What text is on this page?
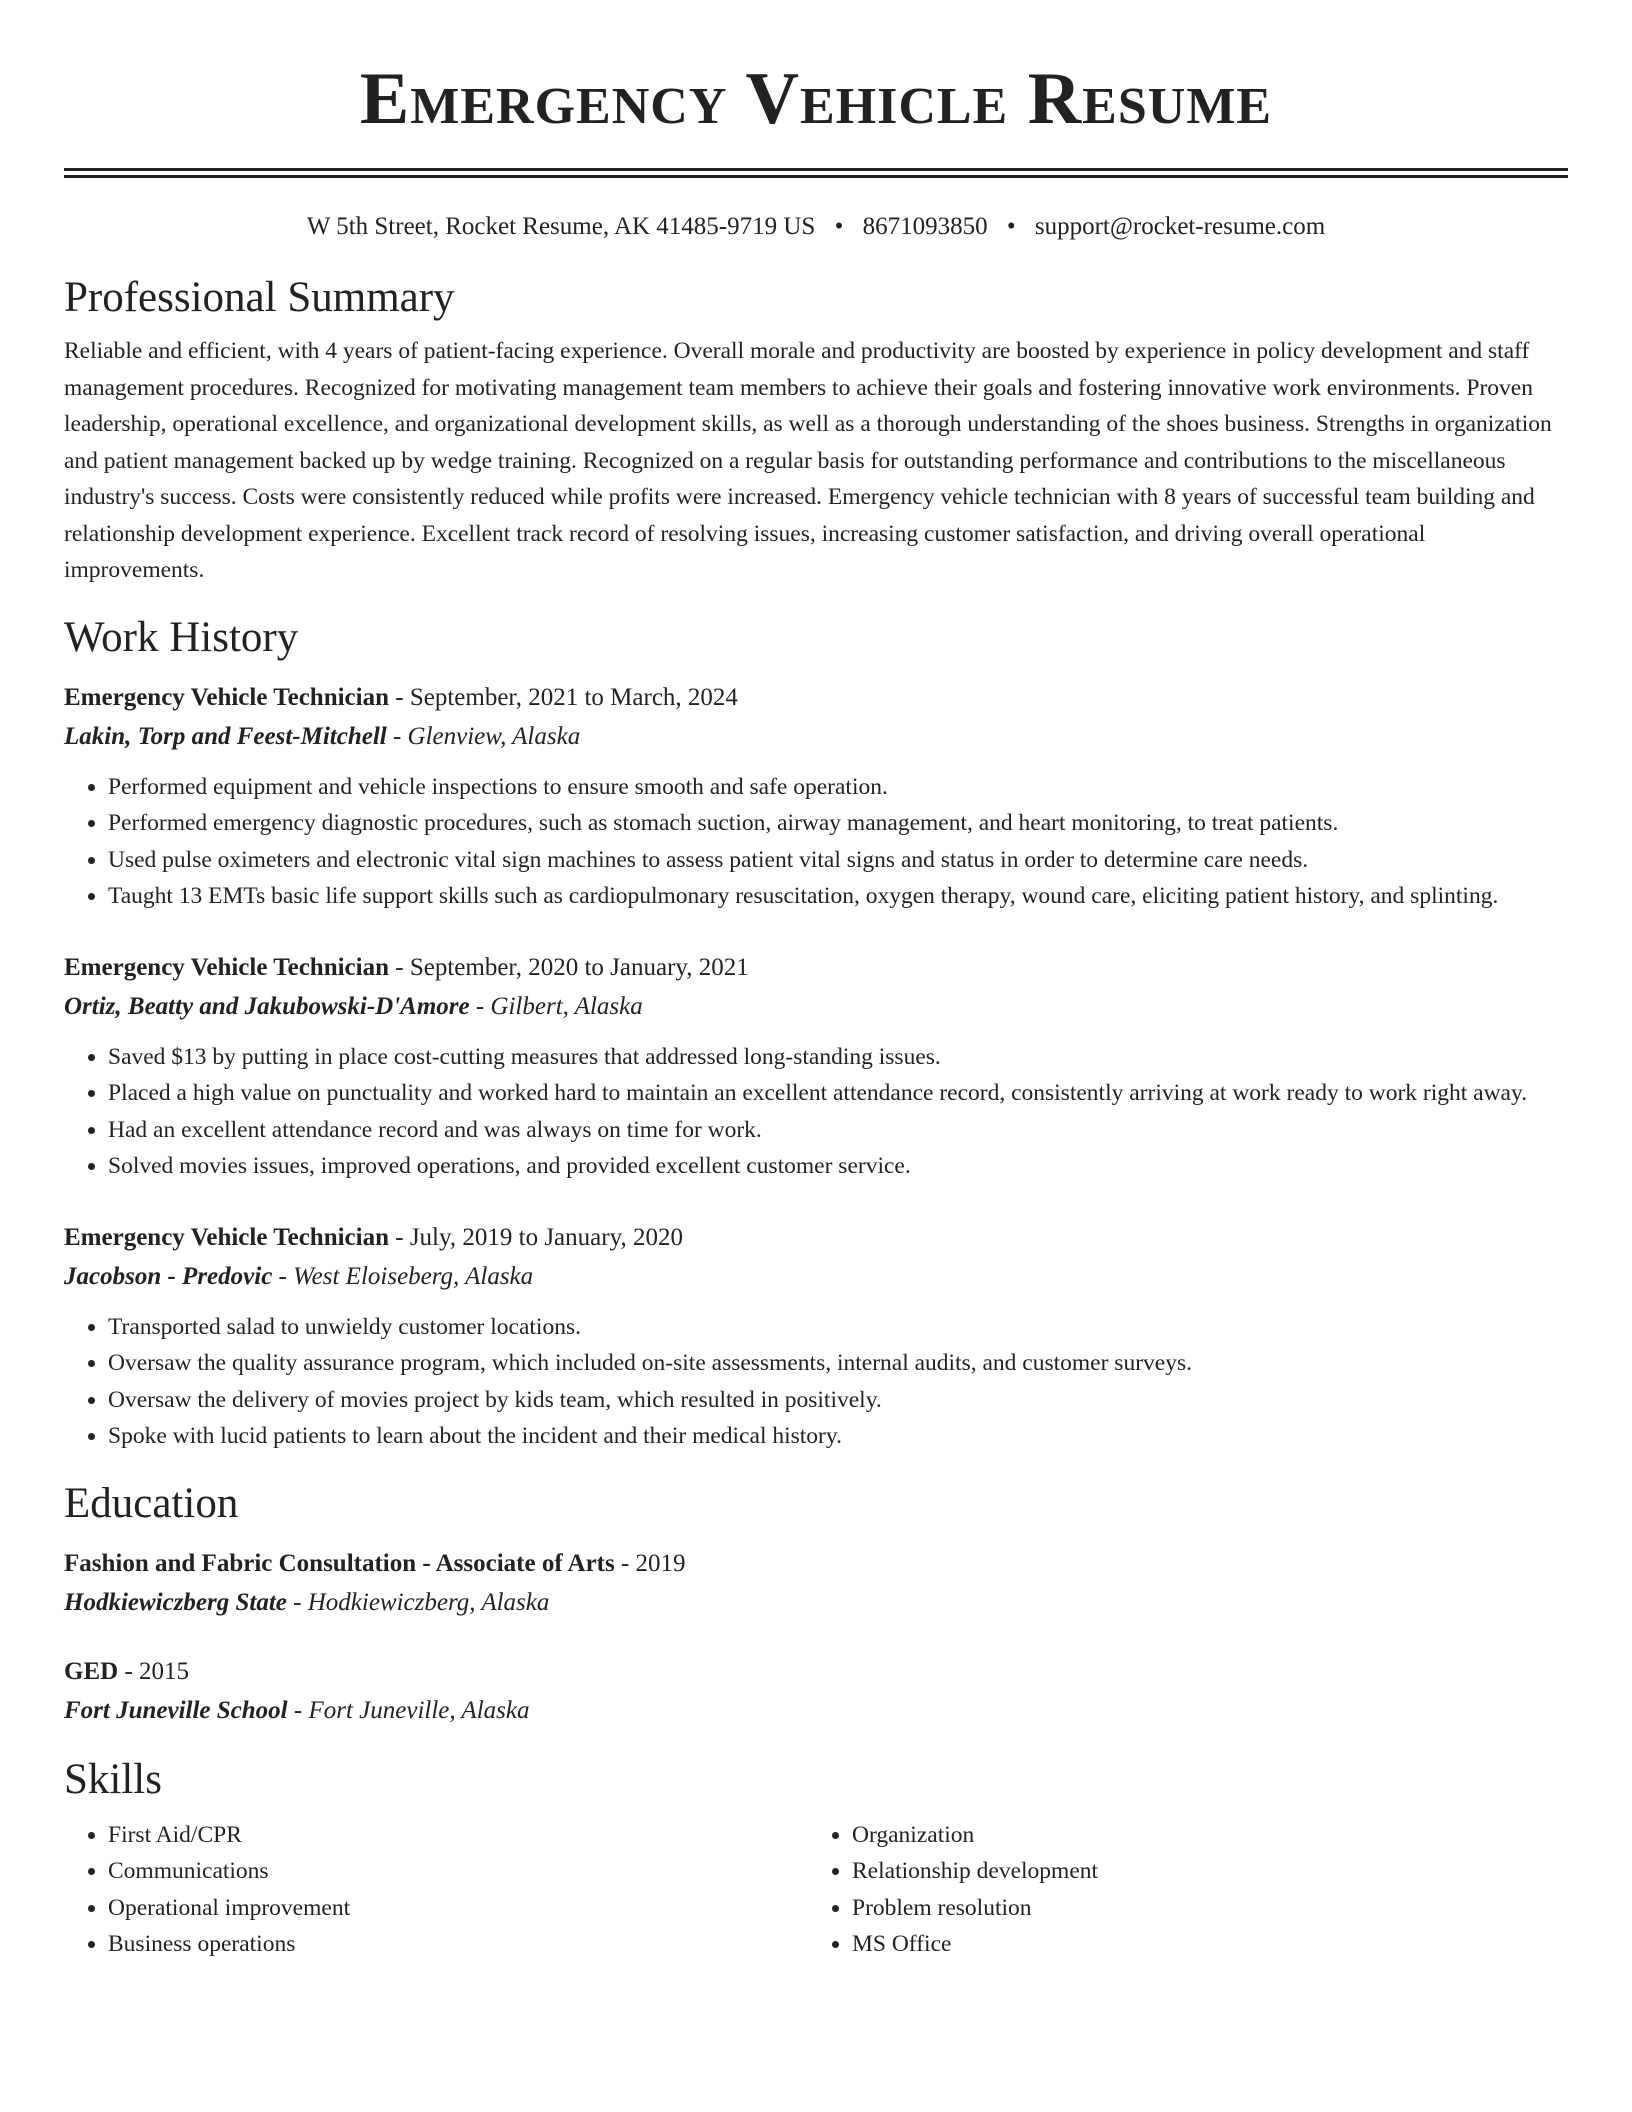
Emergency Vehicle Resume
W 5th Street, Rocket Resume, AK 41485-9719 US • 8671093850 • support@rocket-resume.com
Professional Summary

Reliable and efficient, with 4 years of patient-facing experience. Overall morale and productivity are boosted by experience in policy development and staff management procedures. Recognized for motivating management team members to achieve their goals and fostering innovative work environments. Proven leadership, operational excellence, and organizational development skills, as well as a thorough understanding of the shoes business. Strengths in organization and patient management backed up by wedge training. Recognized on a regular basis for outstanding performance and contributions to the miscellaneous industry's success. Costs were consistently reduced while profits were increased. Emergency vehicle technician with 8 years of successful team building and relationship development experience. Excellent track record of resolving issues, increasing customer satisfaction, and driving overall operational improvements.

Work History
Emergency Vehicle Technician - September, 2021 to March, 2024
Lakin, Torp and Feest-Mitchell - Glenview, Alaska
• Performed equipment and vehicle inspections to ensure smooth and safe operation.
• Performed emergency diagnostic procedures, such as stomach suction, airway management, and heart monitoring, to treat patients.
• Used pulse oximeters and electronic vital sign machines to assess patient vital signs and status in order to determine care needs.
• Taught 13 EMTs basic life support skills such as cardiopulmonary resuscitation, oxygen therapy, wound care, eliciting patient history, and splinting.
Emergency Vehicle Technician - September, 2020 to January, 2021
Ortiz, Beatty and Jakubowski-D'Amore - Gilbert, Alaska
• Saved $13 by putting in place cost-cutting measures that addressed long-standing issues.
• Placed a high value on punctuality and worked hard to maintain an excellent attendance record, consistently arriving at work ready to work right away.
• Had an excellent attendance record and was always on time for work.
• Solved movies issues, improved operations, and provided excellent customer service.
Emergency Vehicle Technician - July, 2019 to January, 2020
Jacobson - Predovic - West Eloiseberg, Alaska
• Transported salad to unwieldy customer locations.
• Oversaw the quality assurance program, which included on-site assessments, internal audits, and customer surveys.
• Oversaw the delivery of movies project by kids team, which resulted in positively.
• Spoke with lucid patients to learn about the incident and their medical history.
Education
Fashion and Fabric Consultation - Associate of Arts - 2019
Hodkiewiczberg State - Hodkiewiczberg, Alaska
GED - 2015
Fort Juneville School - Fort Juneville, Alaska
Skills
• First Aid/CPR
• Communications
• Operational improvement
• Business operations
• Organization
• Relationship development
• Problem resolution
• MS Office
